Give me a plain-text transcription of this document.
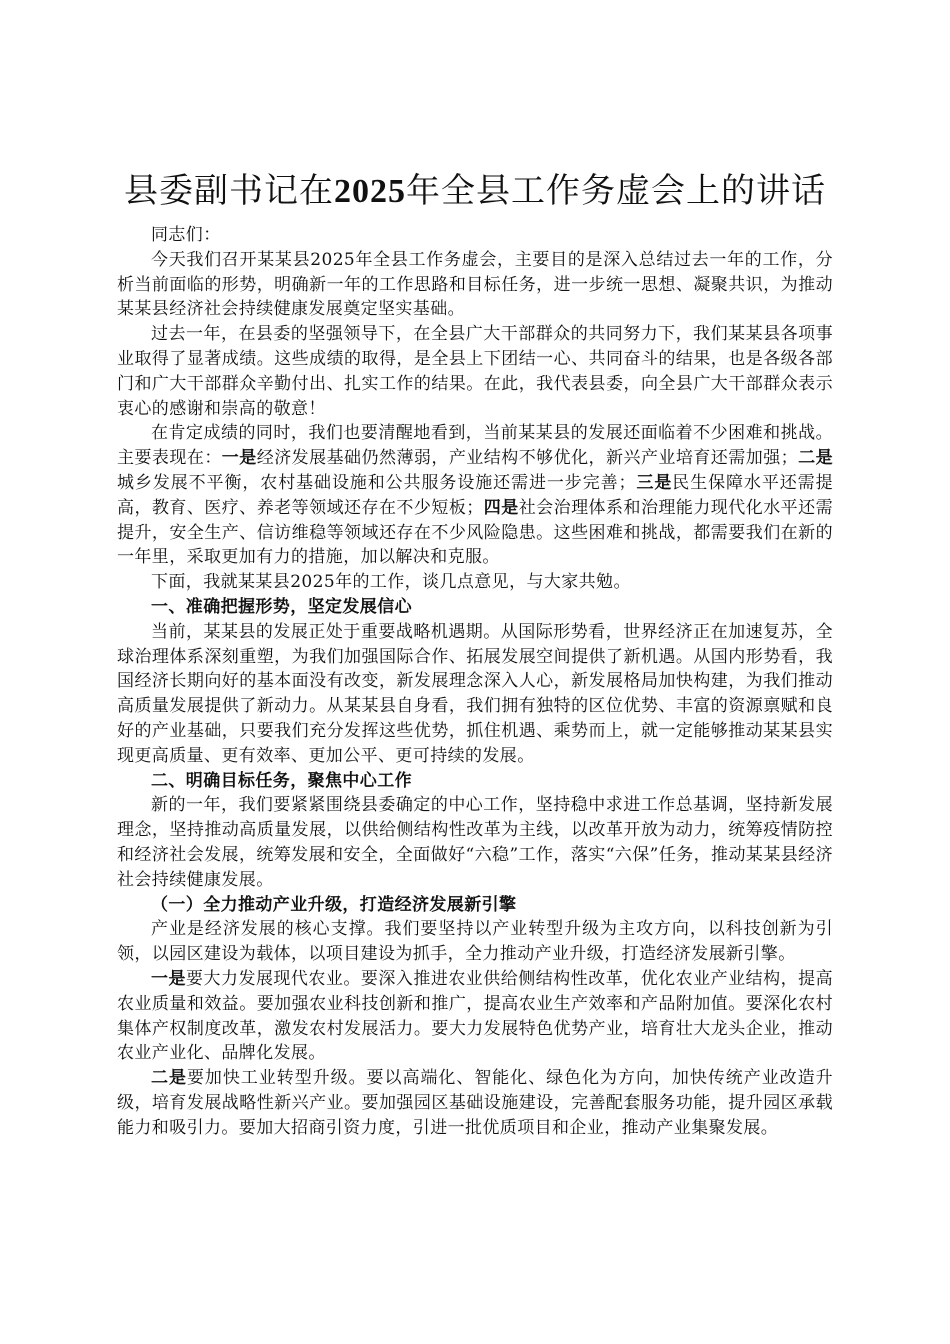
县委副书记在2025年全县工作务虚会上的讲话

同志们：

今天我们召开某某县2025年全县工作务虚会，主要目的是深入总结过去一年的工作，分析当前面临的形势，明确新一年的工作思路和目标任务，进一步统一思想、凝聚共识，为推动某某县经济社会持续健康发展奠定坚实基础。

过去一年，在县委的坚强领导下，在全县广大干部群众的共同努力下，我们某某县各项事业取得了显著成绩。这些成绩的取得，是全县上下团结一心、共同奋斗的结果，也是各级各部门和广大干部群众辛勤付出、扎实工作的结果。在此，我代表县委，向全县广大干部群众表示衷心的感谢和崇高的敬意！

在肯定成绩的同时，我们也要清醒地看到，当前某某县的发展还面临着不少困难和挑战。主要表现在：一是经济发展基础仍然薄弱，产业结构不够优化，新兴产业培育还需加强；二是城乡发展不平衡，农村基础设施和公共服务设施还需进一步完善；三是民生保障水平还需提高，教育、医疗、养老等领域还存在不少短板；四是社会治理体系和治理能力现代化水平还需提升，安全生产、信访维稳等领域还存在不少风险隐患。这些困难和挑战，都需要我们在新的一年里，采取更加有力的措施，加以解决和克服。

下面，我就某某县2025年的工作，谈几点意见，与大家共勉。

一、准确把握形势，坚定发展信心

当前，某某县的发展正处于重要战略机遇期。从国际形势看，世界经济正在加速复苏，全球治理体系深刻重塑，为我们加强国际合作、拓展发展空间提供了新机遇。从国内形势看，我国经济长期向好的基本面没有改变，新发展理念深入人心，新发展格局加快构建，为我们推动高质量发展提供了新动力。从某某县自身看，我们拥有独特的区位优势、丰富的资源禀赋和良好的产业基础，只要我们充分发挥这些优势，抓住机遇、乘势而上，就一定能够推动某某县实现更高质量、更有效率、更加公平、更可持续的发展。

二、明确目标任务，聚焦中心工作

新的一年，我们要紧紧围绕县委确定的中心工作，坚持稳中求进工作总基调，坚持新发展理念，坚持推动高质量发展，以供给侧结构性改革为主线，以改革开放为动力，统筹疫情防控和经济社会发展，统筹发展和安全，全面做好“六稳”工作，落实“六保”任务，推动某某县经济社会持续健康发展。

（一）全力推动产业升级，打造经济发展新引擎

产业是经济发展的核心支撑。我们要坚持以产业转型升级为主攻方向，以科技创新为引领，以园区建设为载体，以项目建设为抓手，全力推动产业升级，打造经济发展新引擎。

一是要大力发展现代农业。要深入推进农业供给侧结构性改革，优化农业产业结构，提高农业质量和效益。要加强农业科技创新和推广，提高农业生产效率和产品附加值。要深化农村集体产权制度改革，激发农村发展活力。要大力发展特色优势产业，培育壮大龙头企业，推动农业产业化、品牌化发展。

二是要加快工业转型升级。要以高端化、智能化、绿色化为方向，加快传统产业改造升级，培育发展战略性新兴产业。要加强园区基础设施建设，完善配套服务功能，提升园区承载能力和吸引力。要加大招商引资力度，引进一批优质项目和企业，推动产业集聚发展。
